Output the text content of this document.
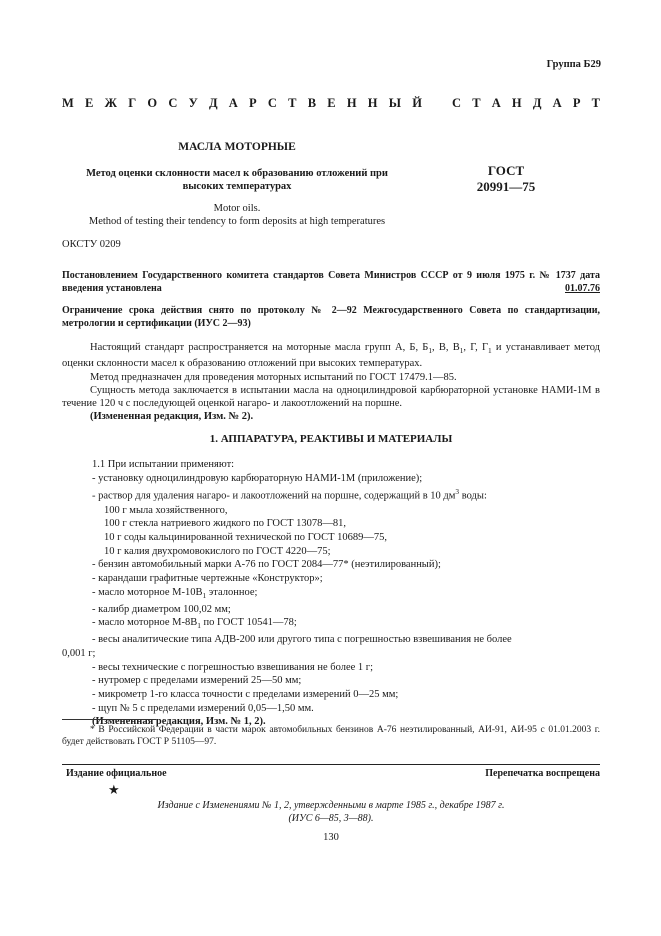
Группа Б29
М Е Ж Г О С У Д А Р С Т В Е Н Н Ы Й С Т А Н Д А Р Т
МАСЛА МОТОРНЫЕ
Метод оценки склонности масел к образованию отложений при
высоких температурах
ГОСТ
20991—75
Motor oils.
Method of testing their tendency to form deposits at high temperatures
ОКСТУ 0209
Постановлением Государственного комитета стандартов Совета Министров СССР от 9 июля 1975 г. № 1737 дата введения установлена	01.07.76
Ограничение срока действия снято по протоколу № 2—92 Межгосударственного Совета по стандартизации, метрологии и сертификации (ИУС 2—93)
Настоящий стандарт распространяется на моторные масла групп А, Б, $Б_1$, В, $В_1$, Г, $Г_1$ и устанавливает метод оценки склонности масел к образованию отложений при высоких температурах.
Метод предназначен для проведения моторных испытаний по ГОСТ 17479.1—85.
Сущность метода заключается в испытании масла на одноцилиндровой карбюраторной установке НАМИ-1М в течение 120 ч с последующей оценкой нагаро- и лакоотложений на поршне.
(Измененная редакция, Изм. № 2).
1. АППАРАТУРА, РЕАКТИВЫ И МАТЕРИАЛЫ
1.1 При испытании применяют:
- установку одноцилиндровую карбюраторную НАМИ-1М (приложение);
- раствор для удаления нагаро- и лакоотложений на поршне, содержащий в 10 $дм^3$ воды:
100 г мыла хозяйственного,
100 г стекла натриевого жидкого по ГОСТ 13078—81,
10 г соды кальцинированной технической по ГОСТ 10689—75,
10 г калия двухромовокислого по ГОСТ 4220—75;
- бензин автомобильный марки А-76 по ГОСТ 2084—77* (неэтилированный);
- карандаши графитные чертежные «Конструктор»;
- масло моторное $М-10В_1$ эталонное;
- калибр диаметром 100,02 мм;
- масло моторное $М-8В_1$ по ГОСТ 10541—78;
- весы аналитические типа АДВ-200 или другого типа с погрешностью взвешивания не более
0,001 г;
- весы технические с погрешностью взвешивания не более 1 г;
- нутромер с пределами измерений 25—50 мм;
- микрометр 1-го класса точности с пределами измерений 0—25 мм;
- щуп № 5 с пределами измерений 0,05—1,50 мм.
(Измененная редакция, Изм. № 1, 2).
* В Российской Федерации в части марок автомобильных бензинов А-76 неэтилированный, АИ-91, АИ-95 с 01.01.2003 г. будет действовать ГОСТ Р 51105—97.
Издание официальное	Перепечатка воспрещена
★
Издание с Изменениями № 1, 2, утвержденными в марте 1985 г., декабре 1987 г.
(ИУС 6—85, 3—88).
130
